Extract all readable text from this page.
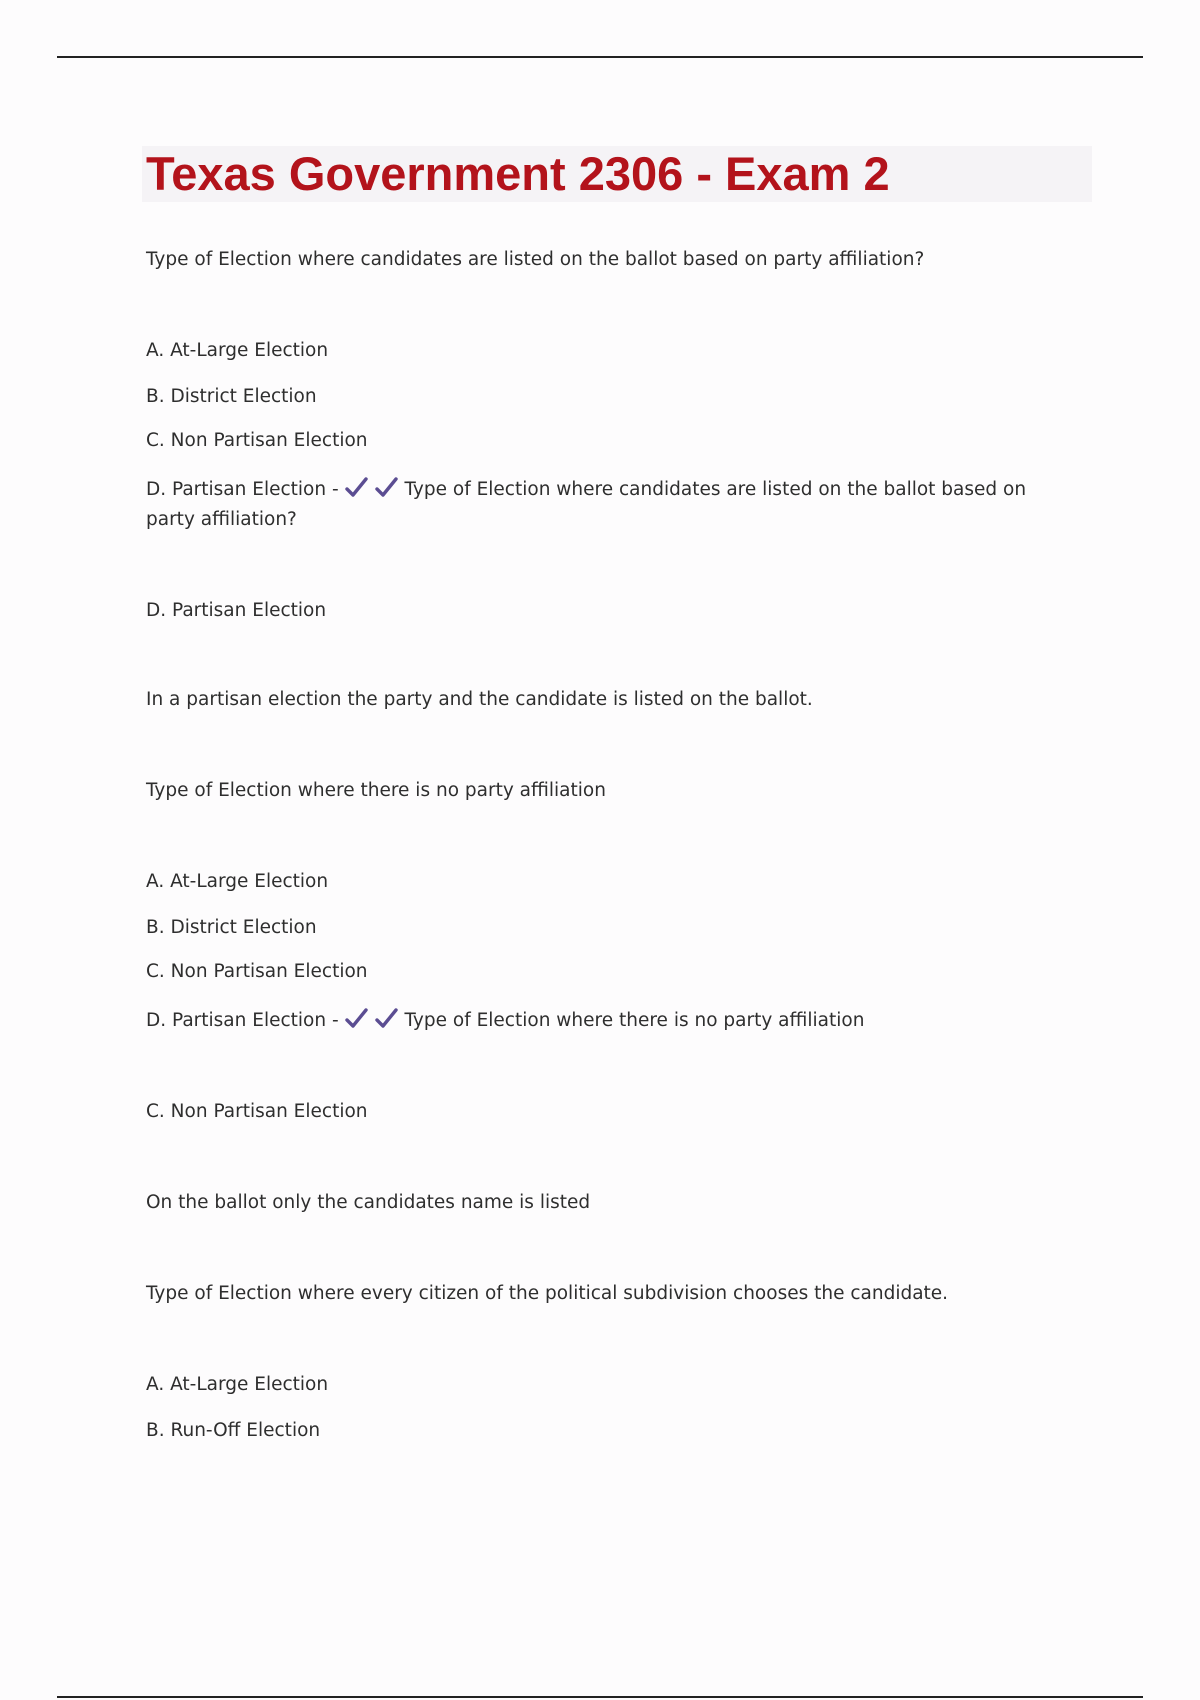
Texas Government 2306 - Exam 2
Type of Election where candidates are listed on the ballot based on party affiliation?
A. At-Large Election
B. District Election
C. Non Partisan Election
D. Partisan Election -	Type of Election where candidates are listed on the ballot based on party affiliation?
D. Partisan Election
In a partisan election the party and the candidate is listed on the ballot.
Type of Election where there is no party affiliation
A. At-Large Election
B. District Election
C. Non Partisan Election
D. Partisan Election -	Type of Election where there is no party affiliation
C. Non Partisan Election
On the ballot only the candidates name is listed
Type of Election where every citizen of the political subdivision chooses the candidate.
A. At-Large Election
B. Run-Off Election
